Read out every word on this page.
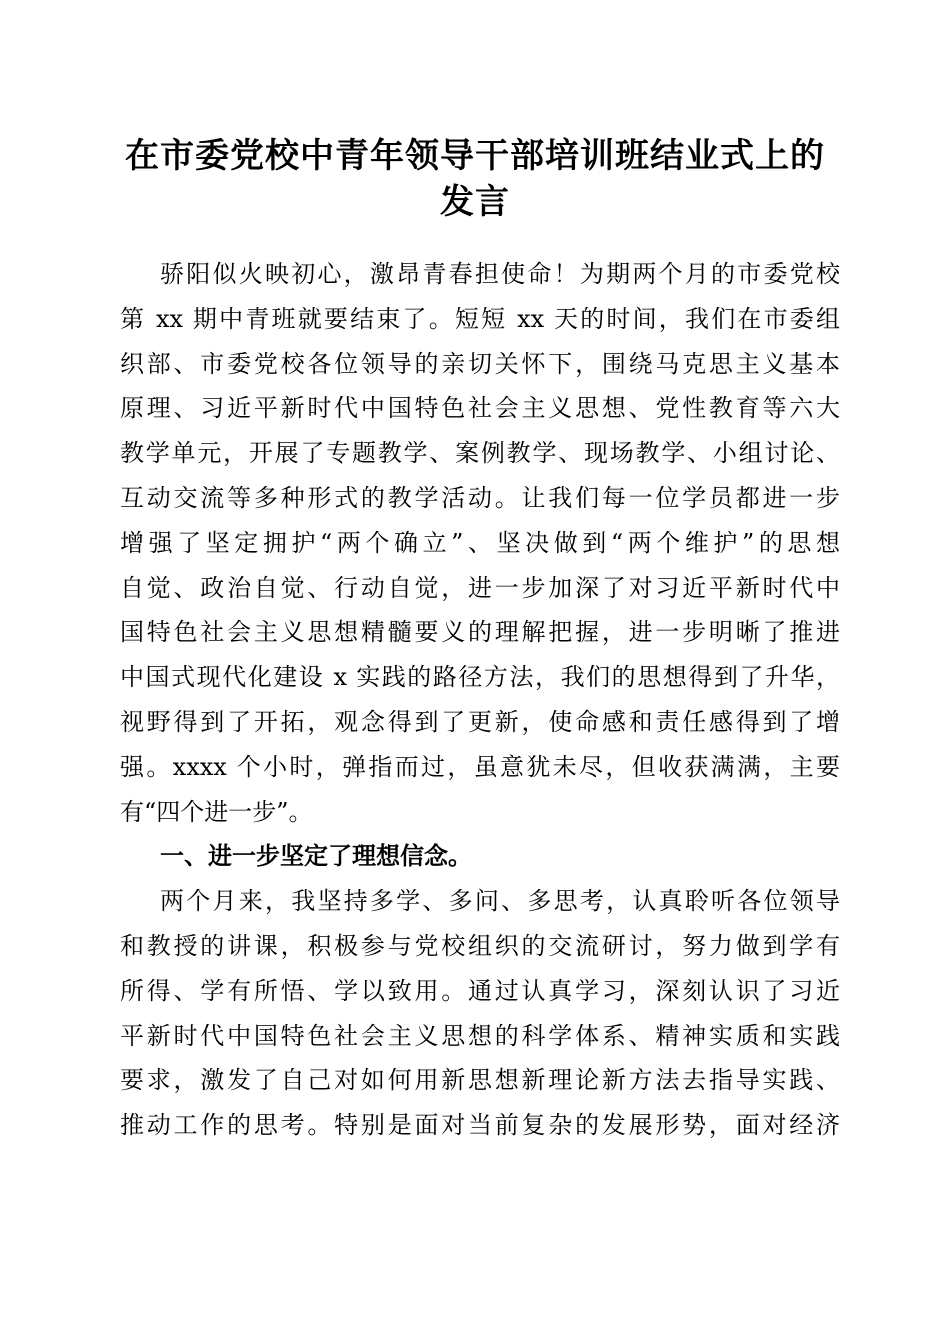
在市委党校中青年领导干部培训班结业式上的
发言
骄阳似火映初心，激昂青春担使命！为期两个月的市委党校
第 xx 期中青班就要结束了。短短 xx 天的时间，我们在市委组
织部、市委党校各位领导的亲切关怀下，围绕马克思主义基本
原理、习近平新时代中国特色社会主义思想、党性教育等六大
教学单元，开展了专题教学、案例教学、现场教学、小组讨论、
互动交流等多种形式的教学活动。让我们每一位学员都进一步
增强了坚定拥护“两个确立”、坚决做到“两个维护”的思想
自觉、政治自觉、行动自觉，进一步加深了对习近平新时代中
国特色社会主义思想精髓要义的理解把握，进一步明晰了推进
中国式现代化建设 x 实践的路径方法，我们的思想得到了升华，
视野得到了开拓，观念得到了更新，使命感和责任感得到了增
强。xxxx 个小时，弹指而过，虽意犹未尽，但收获满满，主要
有“四个进一步”。
一、进一步坚定了理想信念。
两个月来，我坚持多学、多问、多思考，认真聆听各位领导
和教授的讲课，积极参与党校组织的交流研讨，努力做到学有
所得、学有所悟、学以致用。通过认真学习，深刻认识了习近
平新时代中国特色社会主义思想的科学体系、精神实质和实践
要求，激发了自己对如何用新思想新理论新方法去指导实践、
推动工作的思考。特别是面对当前复杂的发展形势，面对经济
